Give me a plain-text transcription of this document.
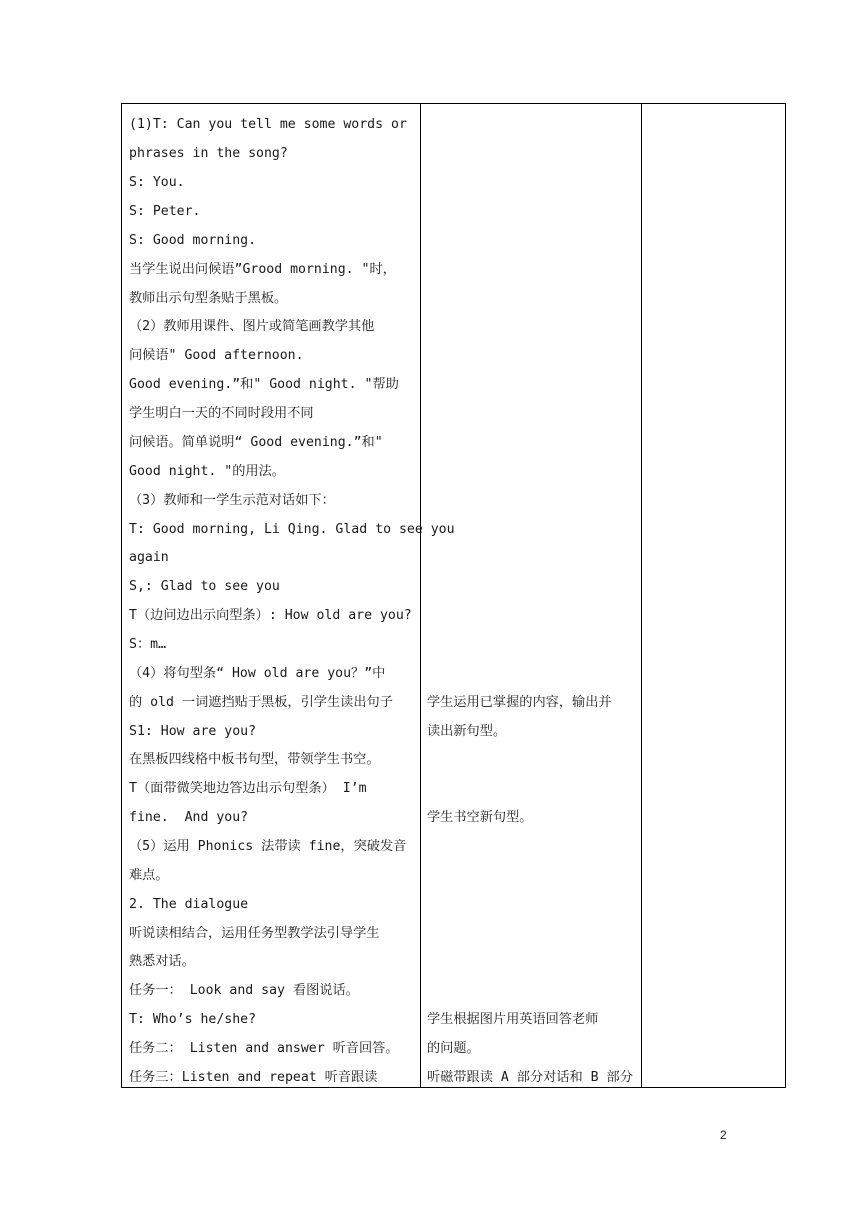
(1)T: Can you tell me some words or
phrases in the song?
S: You.
S: Peter.
S: Good morning.
当学生说出问候语”Grood morning. "时，
教师出示句型条贴于黑板。
（2）教师用课件、图片或简笔画教学其他
问候语" Good afternoon.
Good evening.”和" Good night. "帮助
学生明白一天的不同时段用不同
问候语。简单说明“ Good evening.”和"
Good night. "的用法。
（3）教师和一学生示范对话如下：
T: Good morning, Li Qing. Glad to see you
again
S,: Glad to see you
T（边问边出示向型条）: How old are you?
S：m…
（4）将句型条“ How old are you？”中
的 old 一词遮挡贴于黑板，引学生读出句子
S1: How are you?
在黑板四线格中板书句型，带领学生书空。
T（面带微笑地边答边出示句型条） I’m
fine.  And you?
（5）运用 Phonics 法带读 fine，突破发音
难点。
2. The dialogue
听说读相结合，运用任务型教学法引导学生
熟悉对话。
任务一： Look and say 看图说话。
T: Who’s he/she?
任务二： Listen and answer 听音回答。
任务三：Listen and repeat 听音跟读
学生运用已掌握的内容，输出并
读出新句型。
学生书空新句型。
学生根据图片用英语回答老师
的问题。
听磁带跟读 A 部分对话和 B 部分
2
